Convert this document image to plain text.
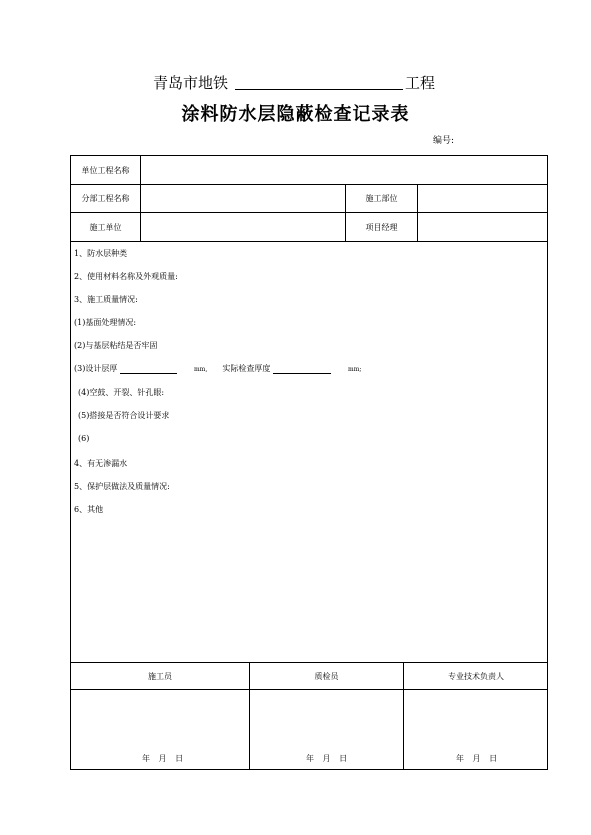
青岛市地铁	工程
涂料防水层隐蔽检查记录表
编号:
单位工程名称
分部工程名称	施工部位
施工单位	项目经理
1、防水层种类
2、使用材料名称及外观质量:
3、施工质量情况:
(1)基面处理情况:
(2)与基层粘结是否牢固
(3)设计层厚	mm, 实际检查厚度	mm;
(4)空鼓、开裂、针孔眼:
(5)搭接是否符合设计要求
(6)
4、有无渗漏水
5、保护层做法及质量情况:
6、其他
施工员	质检员	专业技术负责人
年 月 日	年 月 日	年 月 日
